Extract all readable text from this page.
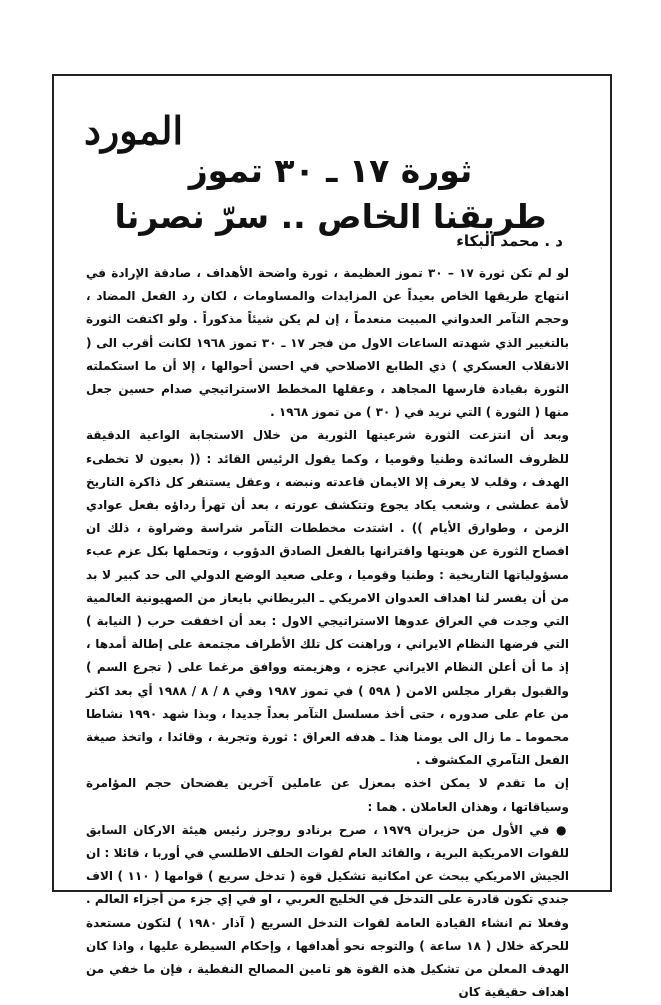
المورد
ثورة ١٧ ـ ٣٠ تموز
طريقنا الخاص .. سرّ نصرنا
د . محمد البكاء

لو لم تكن ثورة ١٧ – ٣٠ تموز العظيمة ، ثورة واضحة الأهداف ، صادقة الإرادة في انتهاج طريقها الخاص بعيداً عن المزايدات والمساومات ، لكان رد الفعل المضاد ، وحجم التآمر العدواني المبيت منعدماً ، إن لم يكن شيئاً مذكوراً . ولو اكتفت الثورة بالتغيير الذي شهدته الساعات الاول من فجر ١٧ ـ ٣٠ تموز ١٩٦٨ لكانت أقرب الى ( الانقلاب العسكري ) ذي الطابع الاصلاحي في احسن أحوالها ، إلا أن ما استكملته الثورة بقيادة فارسها المجاهد ، وعقلها المخطط الاستراتيجي صدام حسين جعل منها ( الثورة ) التي نريد في ( ٣٠ ) من تموز ١٩٦٨ .

وبعد أن انتزعت الثورة شرعيتها الثورية من خلال الاستجابة الواعية الدقيقة للظروف السائدة وطنيا وقوميا ، وكما يقول الرئيس القائد : (( بعيون لا تخطىء الهدف ، وقلب لا يعرف إلا الايمان قاعدته ونبضه ، وعقل يستنفر كل ذاكرة التاريخ لأمة عطشى ، وشعب يكاد يجوع وتتكشف عورته ، بعد أن تهرأ رداؤه بفعل عوادي الزمن ، وطوارق الأيام )) . اشتدت مخططات التآمر شراسة وضراوة ، ذلك ان افصاح الثورة عن هويتها واقترانها بالفعل الصادق الدؤوب ، وتحملها بكل عزم عبء مسؤولياتها التاريخية : وطنيا وقوميا ، وعلى صعيد الوضع الدولي الى حد كبير لا بد من أن يفسر لنا اهداف العدوان الامريكي ـ البريطاني بايعاز من الصهيونية العالمية التي وجدت في العراق عدوها الاستراتيجي الاول : بعد أن اخفقت حرب ( النيابة ) التي فرضها النظام الايراني ، وراهنت كل تلك الأطراف مجتمعة على إطالة أمدها ، إذ ما أن أعلن النظام الايراني عجزه ، وهزيمته ووافق مرغما على ( تجرع السم ) والقبول بقرار مجلس الامن ( ٥٩٨ ) في تموز ١٩٨٧ وفي ٨ / ٨ / ١٩٨٨ أي بعد اكثر من عام على صدوره ، حتى أخذ مسلسل التآمر بعداً جديدا ، وبذا شهد ١٩٩٠ نشاطا محموما ـ ما زال الى يومنا هذا ـ هدفه العراق : ثورة وتجربة ، وقائدا ، واتخذ صيغة الفعل التآمري المكشوف .

إن ما تقدم لا يمكن اخذه بمعزل عن عاملين آخرين يفضحان حجم المؤامرة وسياقاتها ، وهذان العاملان . هما :

● في الأول من حزيران ١٩٧٩ ، صرح برنادو روجرز رئيس هيئة الاركان السابق للقوات الامريكية البرية ، والقائد العام لقوات الحلف الاطلسي في أوربا ، قائلا : ان الجيش الامريكي يبحث عن امكانية تشكيل قوة ( تدخل سريع ) قوامها ( ١١٠ ) الاف جندي تكون قادرة على التدخل في الخليج العربي ، او في إي جزء من أجزاء العالم . وفعلا تم انشاء القيادة العامة لقوات التدخل السريع ( آذار ١٩٨٠ ) لتكون مستعدة للحركة خلال ( ١٨ ساعة ) والتوجه نحو أهدافها ، وإحكام السيطرة عليها ، واذا كان الهدف المعلن من تشكيل هذه القوة هو تامين المصالح النفطية ، فإن ما خفي من اهداف حقيقية كان
